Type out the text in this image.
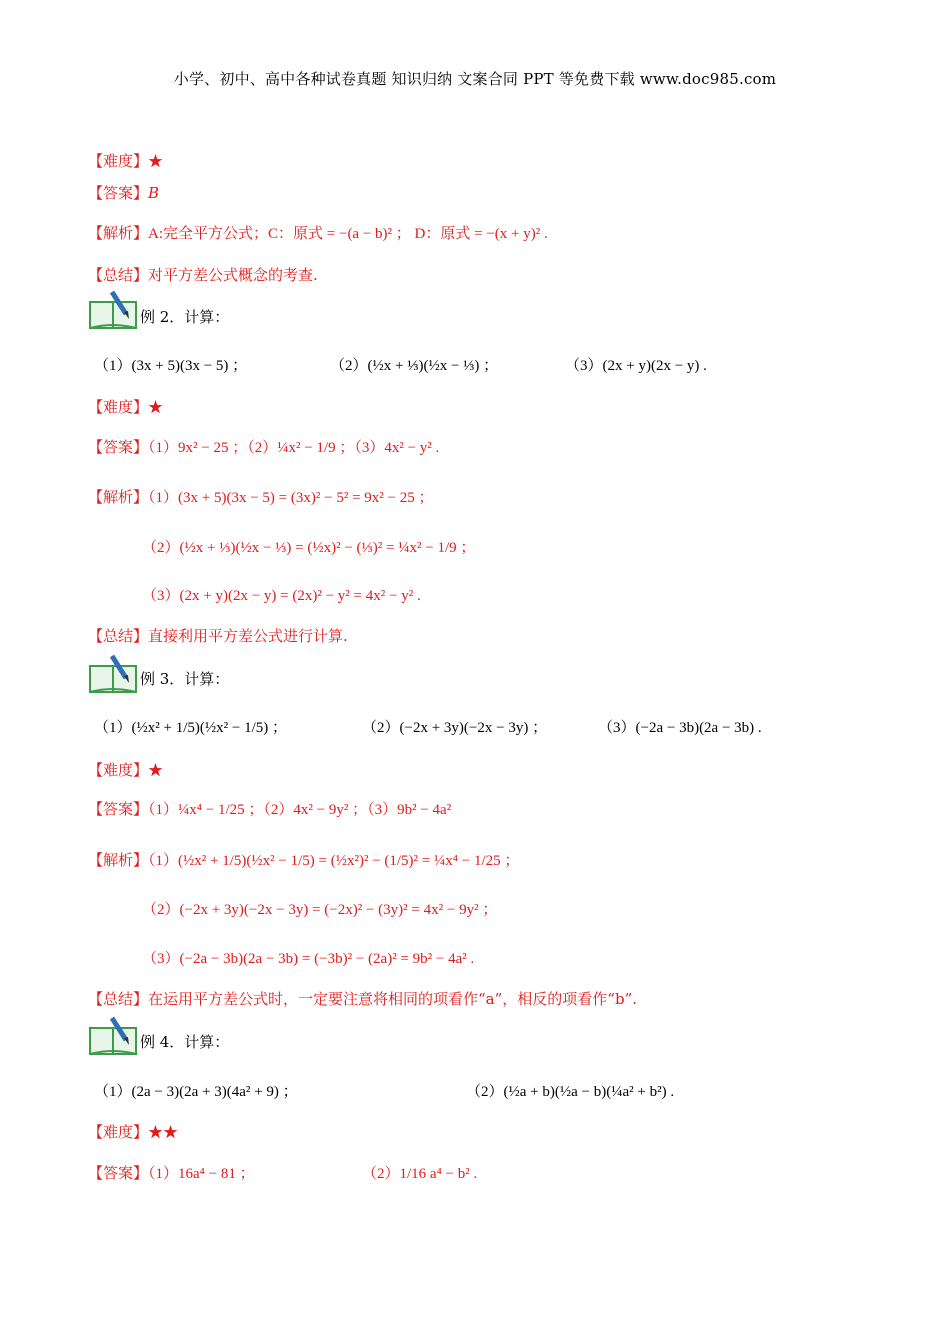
小学、初中、高中各种试卷真题 知识归纳 文案合同 PPT 等免费下载 www.doc985.com
【难度】★
【答案】B
【解析】A:完全平方公式；C：原式 = −(a − b)² ； D：原式 = −(x + y)² .
【总结】对平方差公式概念的考查.
例 2．计算：
（1）(3x + 5)(3x − 5) ；	（2）(½x + ⅓)(½x − ⅓) ；	（3）(2x + y)(2x − y) .
【难度】★
【答案】（1）9x² − 25 ；（2）¼x² − 1/9 ；（3）4x² − y² .
【解析】（1）(3x + 5)(3x − 5) = (3x)² − 5² = 9x² − 25 ；
（2）(½x + ⅓)(½x − ⅓) = (½x)² − (⅓)² = ¼x² − 1/9 ；
（3）(2x + y)(2x − y) = (2x)² − y² = 4x² − y² .
【总结】直接利用平方差公式进行计算.
例 3．计算：
（1）(½x² + 1/5)(½x² − 1/5) ；	（2）(−2x + 3y)(−2x − 3y) ；	（3）(−2a − 3b)(2a − 3b) .
【难度】★
【答案】（1）¼x⁴ − 1/25 ；（2）4x² − 9y² ；（3）9b² − 4a²
【解析】（1）(½x² + 1/5)(½x² − 1/5) = (½x²)² − (1/5)² = ¼x⁴ − 1/25 ；
（2）(−2x + 3y)(−2x − 3y) = (−2x)² − (3y)² = 4x² − 9y² ；
（3）(−2a − 3b)(2a − 3b) = (−3b)² − (2a)² = 9b² − 4a² .
【总结】在运用平方差公式时，一定要注意将相同的项看作“a”，相反的项看作“b”.
例 4．计算：
（1）(2a − 3)(2a + 3)(4a² + 9) ；	（2）(½a + b)(½a − b)(¼a² + b²) .
【难度】★★
【答案】（1）16a⁴ − 81 ；	（2）1/16 a⁴ − b² .
